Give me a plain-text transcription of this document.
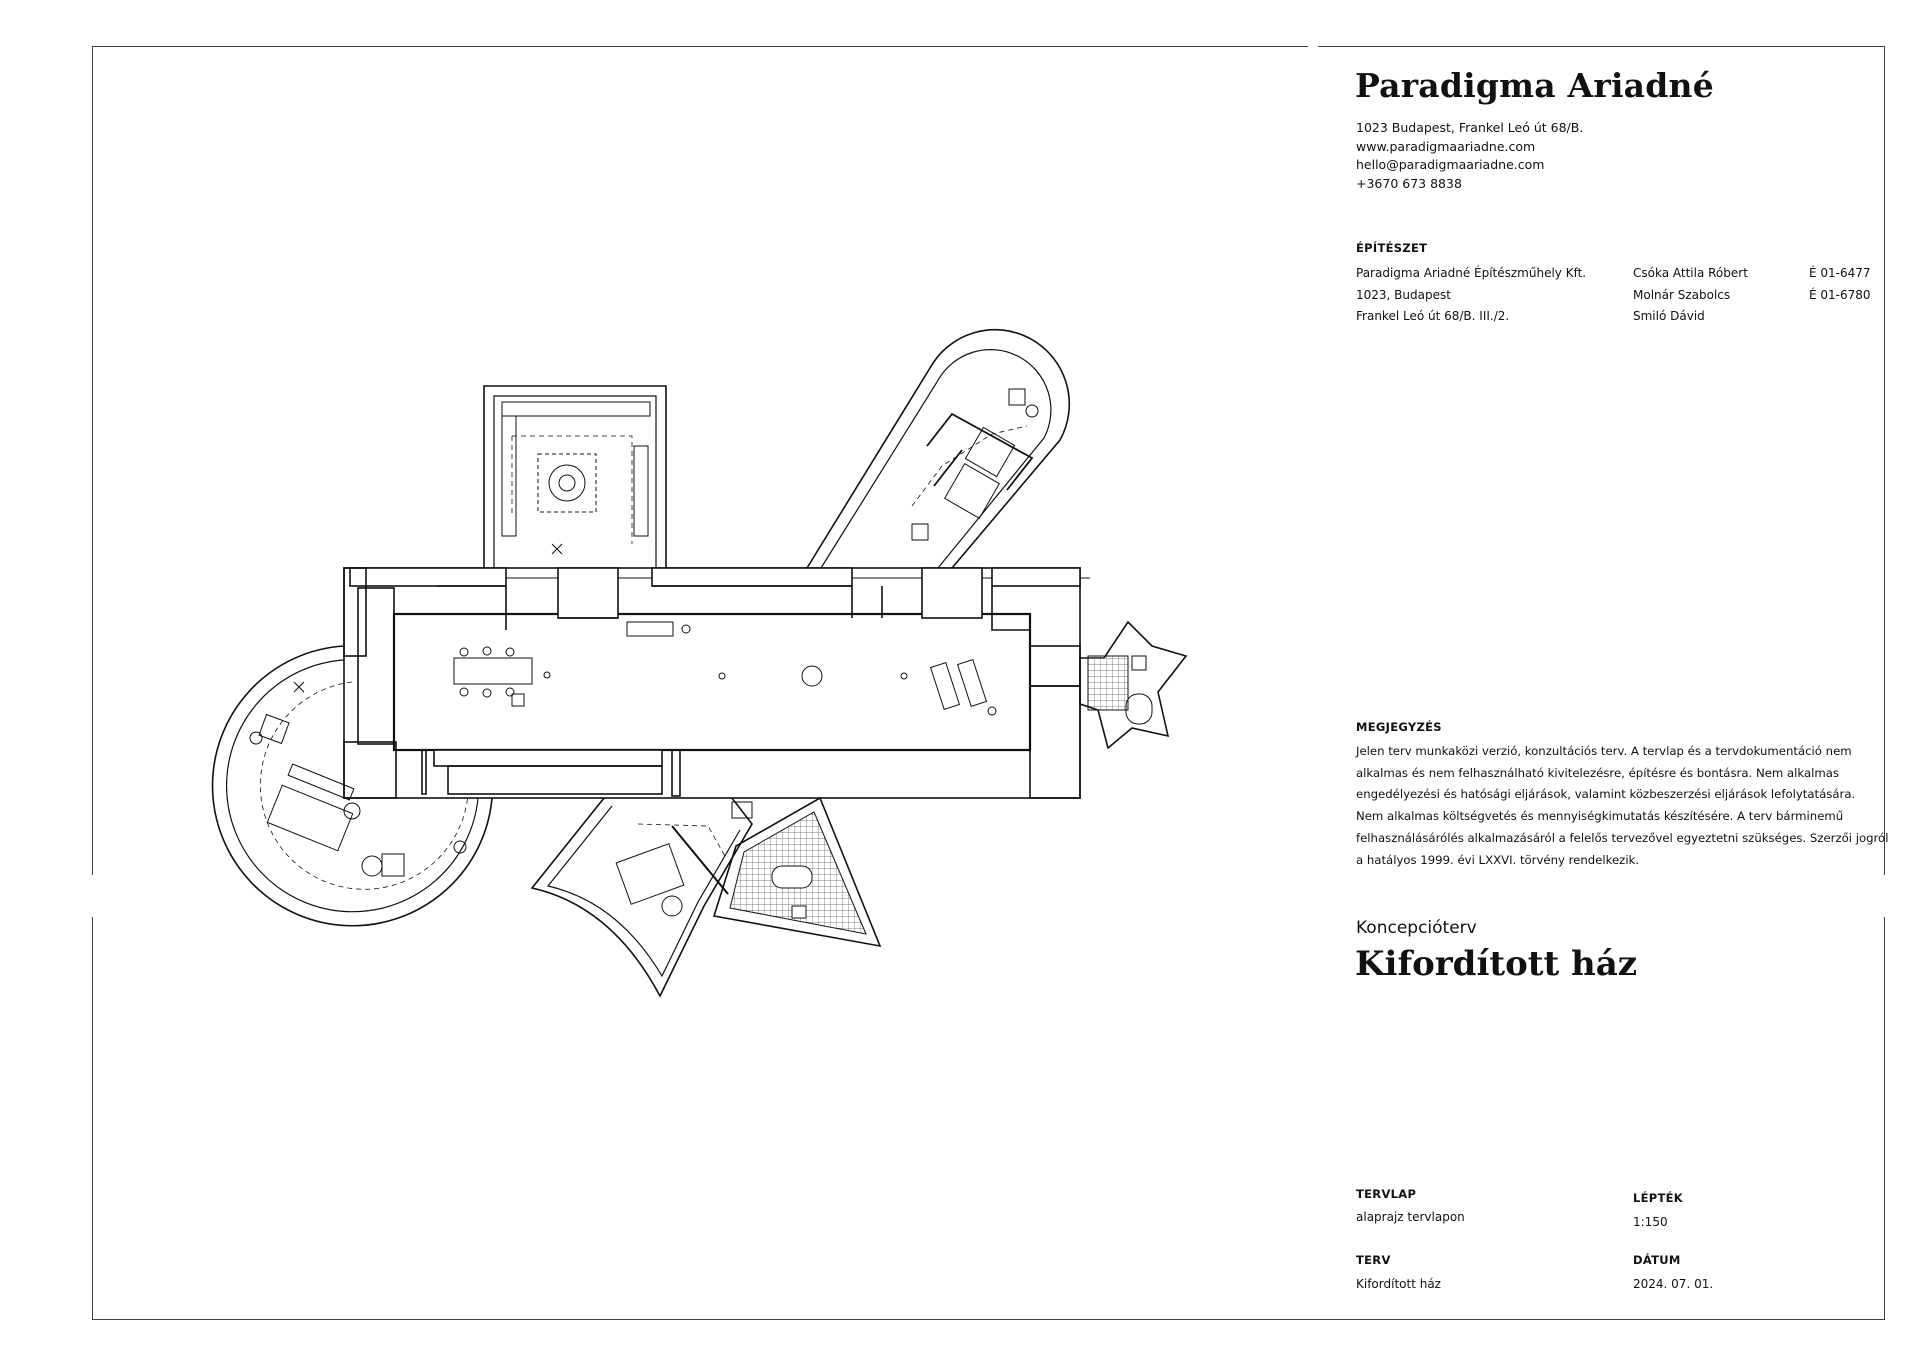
Paradigma Ariadné
1023 Budapest, Frankel Leó út 68/B.
www.paradigmaariadne.com
hello@paradigmaariadne.com
+3670 673 8838
ÉPÍTÉSZET
Paradigma Ariadné Építészműhely Kft.
1023, Budapest
Frankel Leó út 68/B. III./2.
Csóka Attila Róbert
Molnár Szabolcs
Smiló Dávid
É 01-6477
É 01-6780
MEGJEGYZÉS
Jelen terv munkaközi verzió, konzultációs terv. A tervlap és a tervdokumentáció nem
alkalmas és nem felhasználható kivitelezésre, építésre és bontásra. Nem alkalmas
engedélyezési és hatósági eljárások, valamint közbeszerzési eljárások lefolytatására.
Nem alkalmas költségvetés és mennyiségkimutatás készítésére. A terv bárminemű
felhasználásárólés alkalmazásáról a felelős tervezővel egyeztetni szükséges. Szerzői jogról
a hatályos 1999. évi LXXVI. törvény rendelkezik.
Koncepcióterv
Kifordított ház
TERVLAP
alaprajz tervlapon
LÉPTÉK
1:150
TERV
Kifordított ház
DÁTUM
2024. 07. 01.
